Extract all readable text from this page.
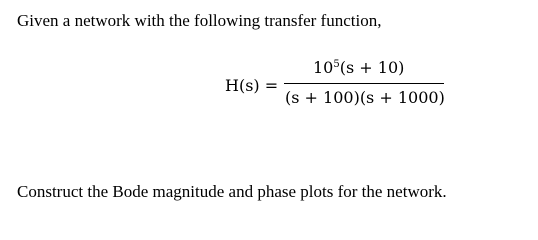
Given a network with the following transfer function,
H(s) =
$10^5(s + 10)$
(s + 100)(s + 1000)
Construct the Bode magnitude and phase plots for the network.
